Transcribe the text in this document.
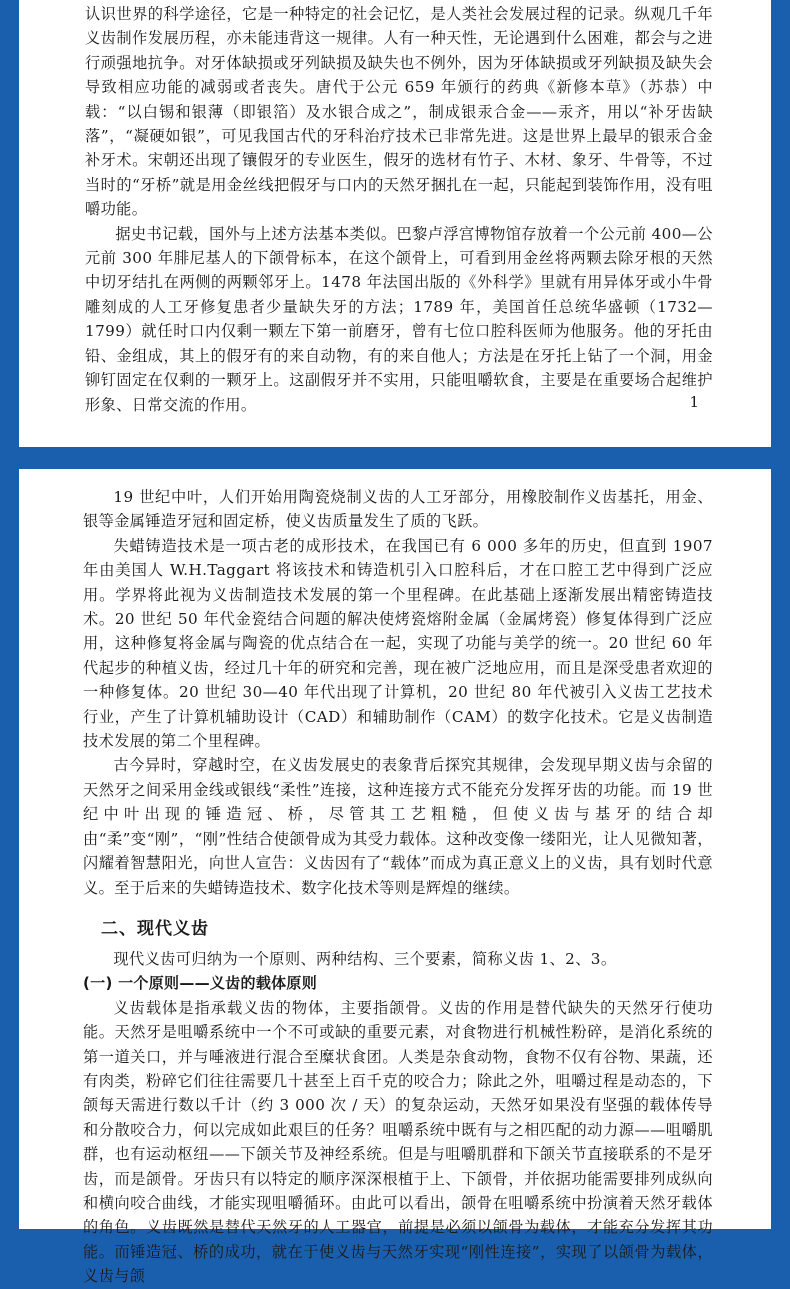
认识世界的科学途径，它是一种特定的社会记忆，是人类社会发展过程的记录。纵观几千年义齿制作发展历程，亦未能违背这一规律。人有一种天性，无论遇到什么困难，都会与之进行顽强地抗争。对牙体缺损或牙列缺损及缺失也不例外，因为牙体缺损或牙列缺损及缺失会导致相应功能的减弱或者丧失。唐代于公元 659 年颁行的药典《新修本草》（苏恭）中载：“以白锡和银薄（即银箔）及水银合成之”，制成银汞合金——汞齐，用以“补牙齿缺落”，“凝硬如银”，可见我国古代的牙科治疗技术已非常先进。这是世界上最早的银汞合金补牙术。宋朝还出现了镶假牙的专业医生，假牙的选材有竹子、木材、象牙、牛骨等，不过当时的“牙桥”就是用金丝线把假牙与口内的天然牙捆扎在一起，只能起到装饰作用，没有咀嚼功能。

据史书记载，国外与上述方法基本类似。巴黎卢浮宫博物馆存放着一个公元前 400—公元前 300 年腓尼基人的下颌骨标本，在这个颌骨上，可看到用金丝将两颗去除牙根的天然中切牙结扎在两侧的两颗邻牙上。1478 年法国出版的《外科学》里就有用异体牙或小牛骨雕刻成的人工牙修复患者少量缺失牙的方法；1789 年，美国首任总统华盛顿（1732—1799）就任时口内仅剩一颗左下第一前磨牙，曾有七位口腔科医师为他服务。他的牙托由铅、金组成，其上的假牙有的来自动物，有的来自他人；方法是在牙托上钻了一个洞，用金铆钉固定在仅剩的一颗牙上。这副假牙并不实用，只能咀嚼软食，主要是在重要场合起维护形象、日常交流的作用。	1

19 世纪中叶，人们开始用陶瓷烧制义齿的人工牙部分，用橡胶制作义齿基托，用金、银等金属锤造牙冠和固定桥，使义齿质量发生了质的飞跃。

失蜡铸造技术是一项古老的成形技术，在我国已有 6 000 多年的历史，但直到 1907 年由美国人 W.H.Taggart 将该技术和铸造机引入口腔科后，才在口腔工艺中得到广泛应用。学界将此视为义齿制造技术发展的第一个里程碑。在此基础上逐渐发展出精密铸造技术。20 世纪 50 年代金瓷结合问题的解决使烤瓷熔附金属（金属烤瓷）修复体得到广泛应用，这种修复将金属与陶瓷的优点结合在一起，实现了功能与美学的统一。20 世纪 60 年代起步的种植义齿，经过几十年的研究和完善，现在被广泛地应用，而且是深受患者欢迎的一种修复体。20 世纪 30—40 年代出现了计算机，20 世纪 80 年代被引入义齿工艺技术行业，产生了计算机辅助设计（CAD）和辅助制作（CAM）的数字化技术。它是义齿制造技术发展的第二个里程碑。

古今异时，穿越时空，在义齿发展史的表象背后探究其规律，会发现早期义齿与余留的天然牙之间采用金线或银线“柔性”连接，这种连接方式不能充分发挥牙齿的功能。而 19 世纪中叶出现的锤造冠、桥，尽管其工艺粗糙，但使义齿与基牙的结合却由“柔”变“刚”，“刚”性结合使颌骨成为其受力载体。这种改变像一缕阳光，让人见微知著，闪耀着智慧阳光，向世人宣告：义齿因有了“载体”而成为真正意义上的义齿，具有划时代意义。至于后来的失蜡铸造技术、数字化技术等则是辉煌的继续。

二、现代义齿

现代义齿可归纳为一个原则、两种结构、三个要素，简称义齿 1、2、3。

(一) 一个原则——义齿的载体原则

义齿载体是指承载义齿的物体，主要指颌骨。义齿的作用是替代缺失的天然牙行使功能。天然牙是咀嚼系统中一个不可或缺的重要元素，对食物进行机械性粉碎，是消化系统的第一道关口，并与唾液进行混合至糜状食团。人类是杂食动物，食物不仅有谷物、果蔬，还有肉类，粉碎它们往往需要几十甚至上百千克的咬合力；除此之外，咀嚼过程是动态的，下颌每天需进行数以千计（约 3 000 次 / 天）的复杂运动，天然牙如果没有坚强的载体传导和分散咬合力，何以完成如此艰巨的任务？咀嚼系统中既有与之相匹配的动力源——咀嚼肌群，也有运动枢纽——下颌关节及神经系统。但是与咀嚼肌群和下颌关节直接联系的不是牙齿，而是颌骨。牙齿只有以特定的顺序深深根植于上、下颌骨，并依据功能需要排列成纵向和横向咬合曲线，才能实现咀嚼循环。由此可以看出，颌骨在咀嚼系统中扮演着天然牙载体的角色。义齿既然是替代天然牙的人工器官，前提是必须以颌骨为载体，才能充分发挥其功能。而锤造冠、桥的成功，就在于使义齿与天然牙实现“刚性连接”，实现了以颌骨为载体，义齿与颌
